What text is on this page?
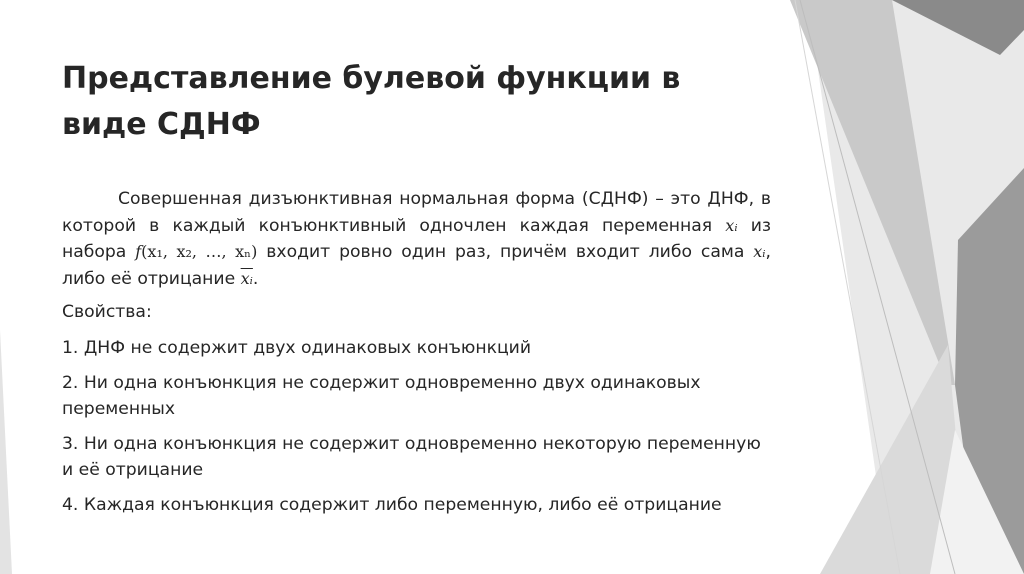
Представление булевой функции в виде СДНФ

Совершенная дизъюнктивная нормальная форма (СДНФ) – это ДНФ, в которой в каждый конъюнктивный одночлен каждая переменная xᵢ из набора f(x₁, x₂, …, xₙ) входит ровно один раз, причём входит либо сама xᵢ, либо её отрицание $\overline{xᵢ}$.

Свойства:

1. ДНФ не содержит двух одинаковых конъюнкций

2. Ни одна конъюнкция не содержит одновременно двух одинаковых переменных

3. Ни одна конъюнкция не содержит одновременно некоторую переменную и её отрицание

4. Каждая конъюнкция содержит либо переменную, либо её отрицание
